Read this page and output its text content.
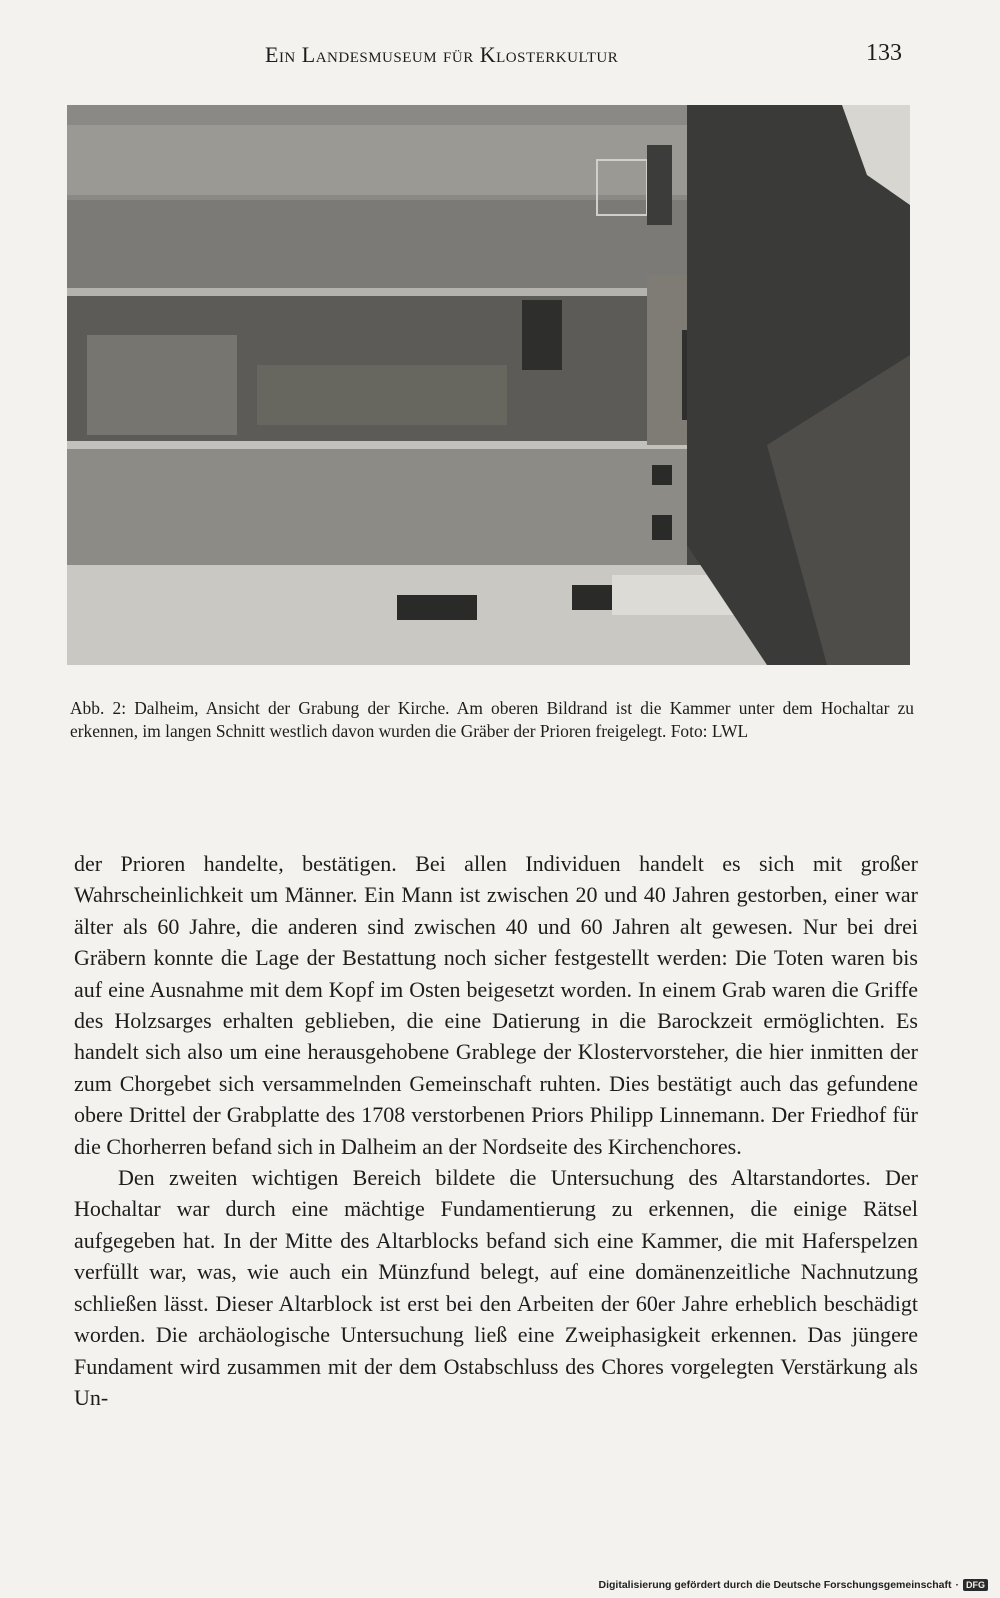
Ein Landesmuseum für Klosterkultur	133

Abb. 2: Dalheim, Ansicht der Grabung der Kirche. Am oberen Bildrand ist die Kammer unter dem Hochaltar zu erkennen, im langen Schnitt westlich davon wurden die Gräber der Prioren freigelegt. Foto: LWL

der Prioren handelte, bestätigen. Bei allen Individuen handelt es sich mit großer Wahrscheinlichkeit um Männer. Ein Mann ist zwischen 20 und 40 Jahren gestorben, einer war älter als 60 Jahre, die anderen sind zwischen 40 und 60 Jahren alt gewesen. Nur bei drei Gräbern konnte die Lage der Bestattung noch sicher festgestellt werden: Die Toten waren bis auf eine Ausnahme mit dem Kopf im Osten beigesetzt worden. In einem Grab waren die Griffe des Holzsarges erhalten geblieben, die eine Datierung in die Barockzeit ermöglichten. Es handelt sich also um eine herausgehobene Grablege der Klostervorsteher, die hier inmitten der zum Chorgebet sich versammelnden Gemeinschaft ruhten. Dies bestätigt auch das gefundene obere Drittel der Grabplatte des 1708 verstorbenen Priors Philipp Linnemann. Der Friedhof für die Chorherren befand sich in Dalheim an der Nordseite des Kirchenchores.

Den zweiten wichtigen Bereich bildete die Untersuchung des Altarstandortes. Der Hochaltar war durch eine mächtige Fundamentierung zu erkennen, die einige Rätsel aufgegeben hat. In der Mitte des Altarblocks befand sich eine Kammer, die mit Haferspelzen verfüllt war, was, wie auch ein Münzfund belegt, auf eine domänenzeitliche Nachnutzung schließen lässt. Dieser Altarblock ist erst bei den Arbeiten der 60er Jahre erheblich beschädigt worden. Die archäologische Untersuchung ließ eine Zweiphasigkeit erkennen. Das jüngere Fundament wird zusammen mit der dem Ostabschluss des Chores vorgelegten Verstärkung als Un-

Digitalisierung gefördert durch die Deutsche Forschungsgemeinschaft · DFG
